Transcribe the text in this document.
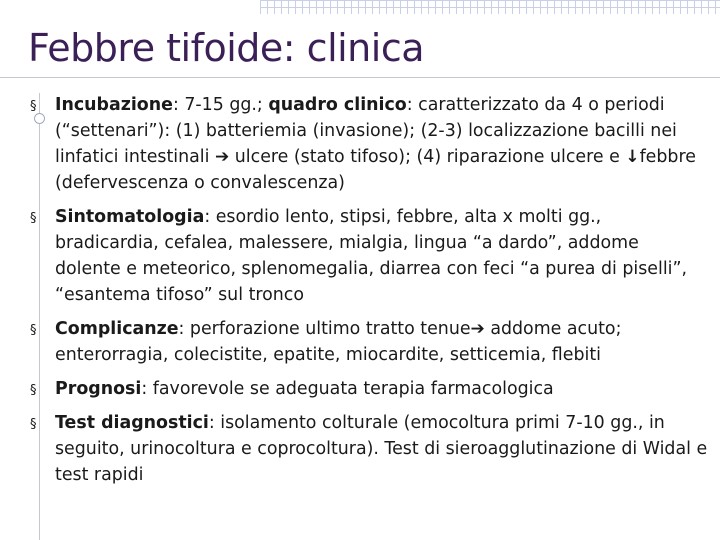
Febbre tifoide: clinica
§ Incubazione: 7-15 gg.; quadro clinico: caratterizzato da 4 o periodi (“settenari”): (1) batteriemia (invasione); (2-3) localizzazione bacilli nei linfatici intestinali ➔ ulcere (stato tifoso); (4) riparazione ulcere e ↓febbre (defervescenza o convalescenza)
§ Sintomatologia: esordio lento, stipsi, febbre, alta x molti gg., bradicardia, cefalea, malessere, mialgia, lingua “a dardo”, addome dolente e meteorico, splenomegalia, diarrea con feci “a purea di piselli”, “esantema tifoso” sul tronco
§ Complicanze: perforazione ultimo tratto tenue➔ addome acuto; enterorragia, colecistite, epatite, miocardite, setticemia, flebiti
§ Prognosi: favorevole se adeguata terapia farmacologica
§ Test diagnostici: isolamento colturale (emocoltura primi 7-10 gg., in seguito, urinocoltura e coprocoltura). Test di sieroagglutinazione di Widal e test rapidi
